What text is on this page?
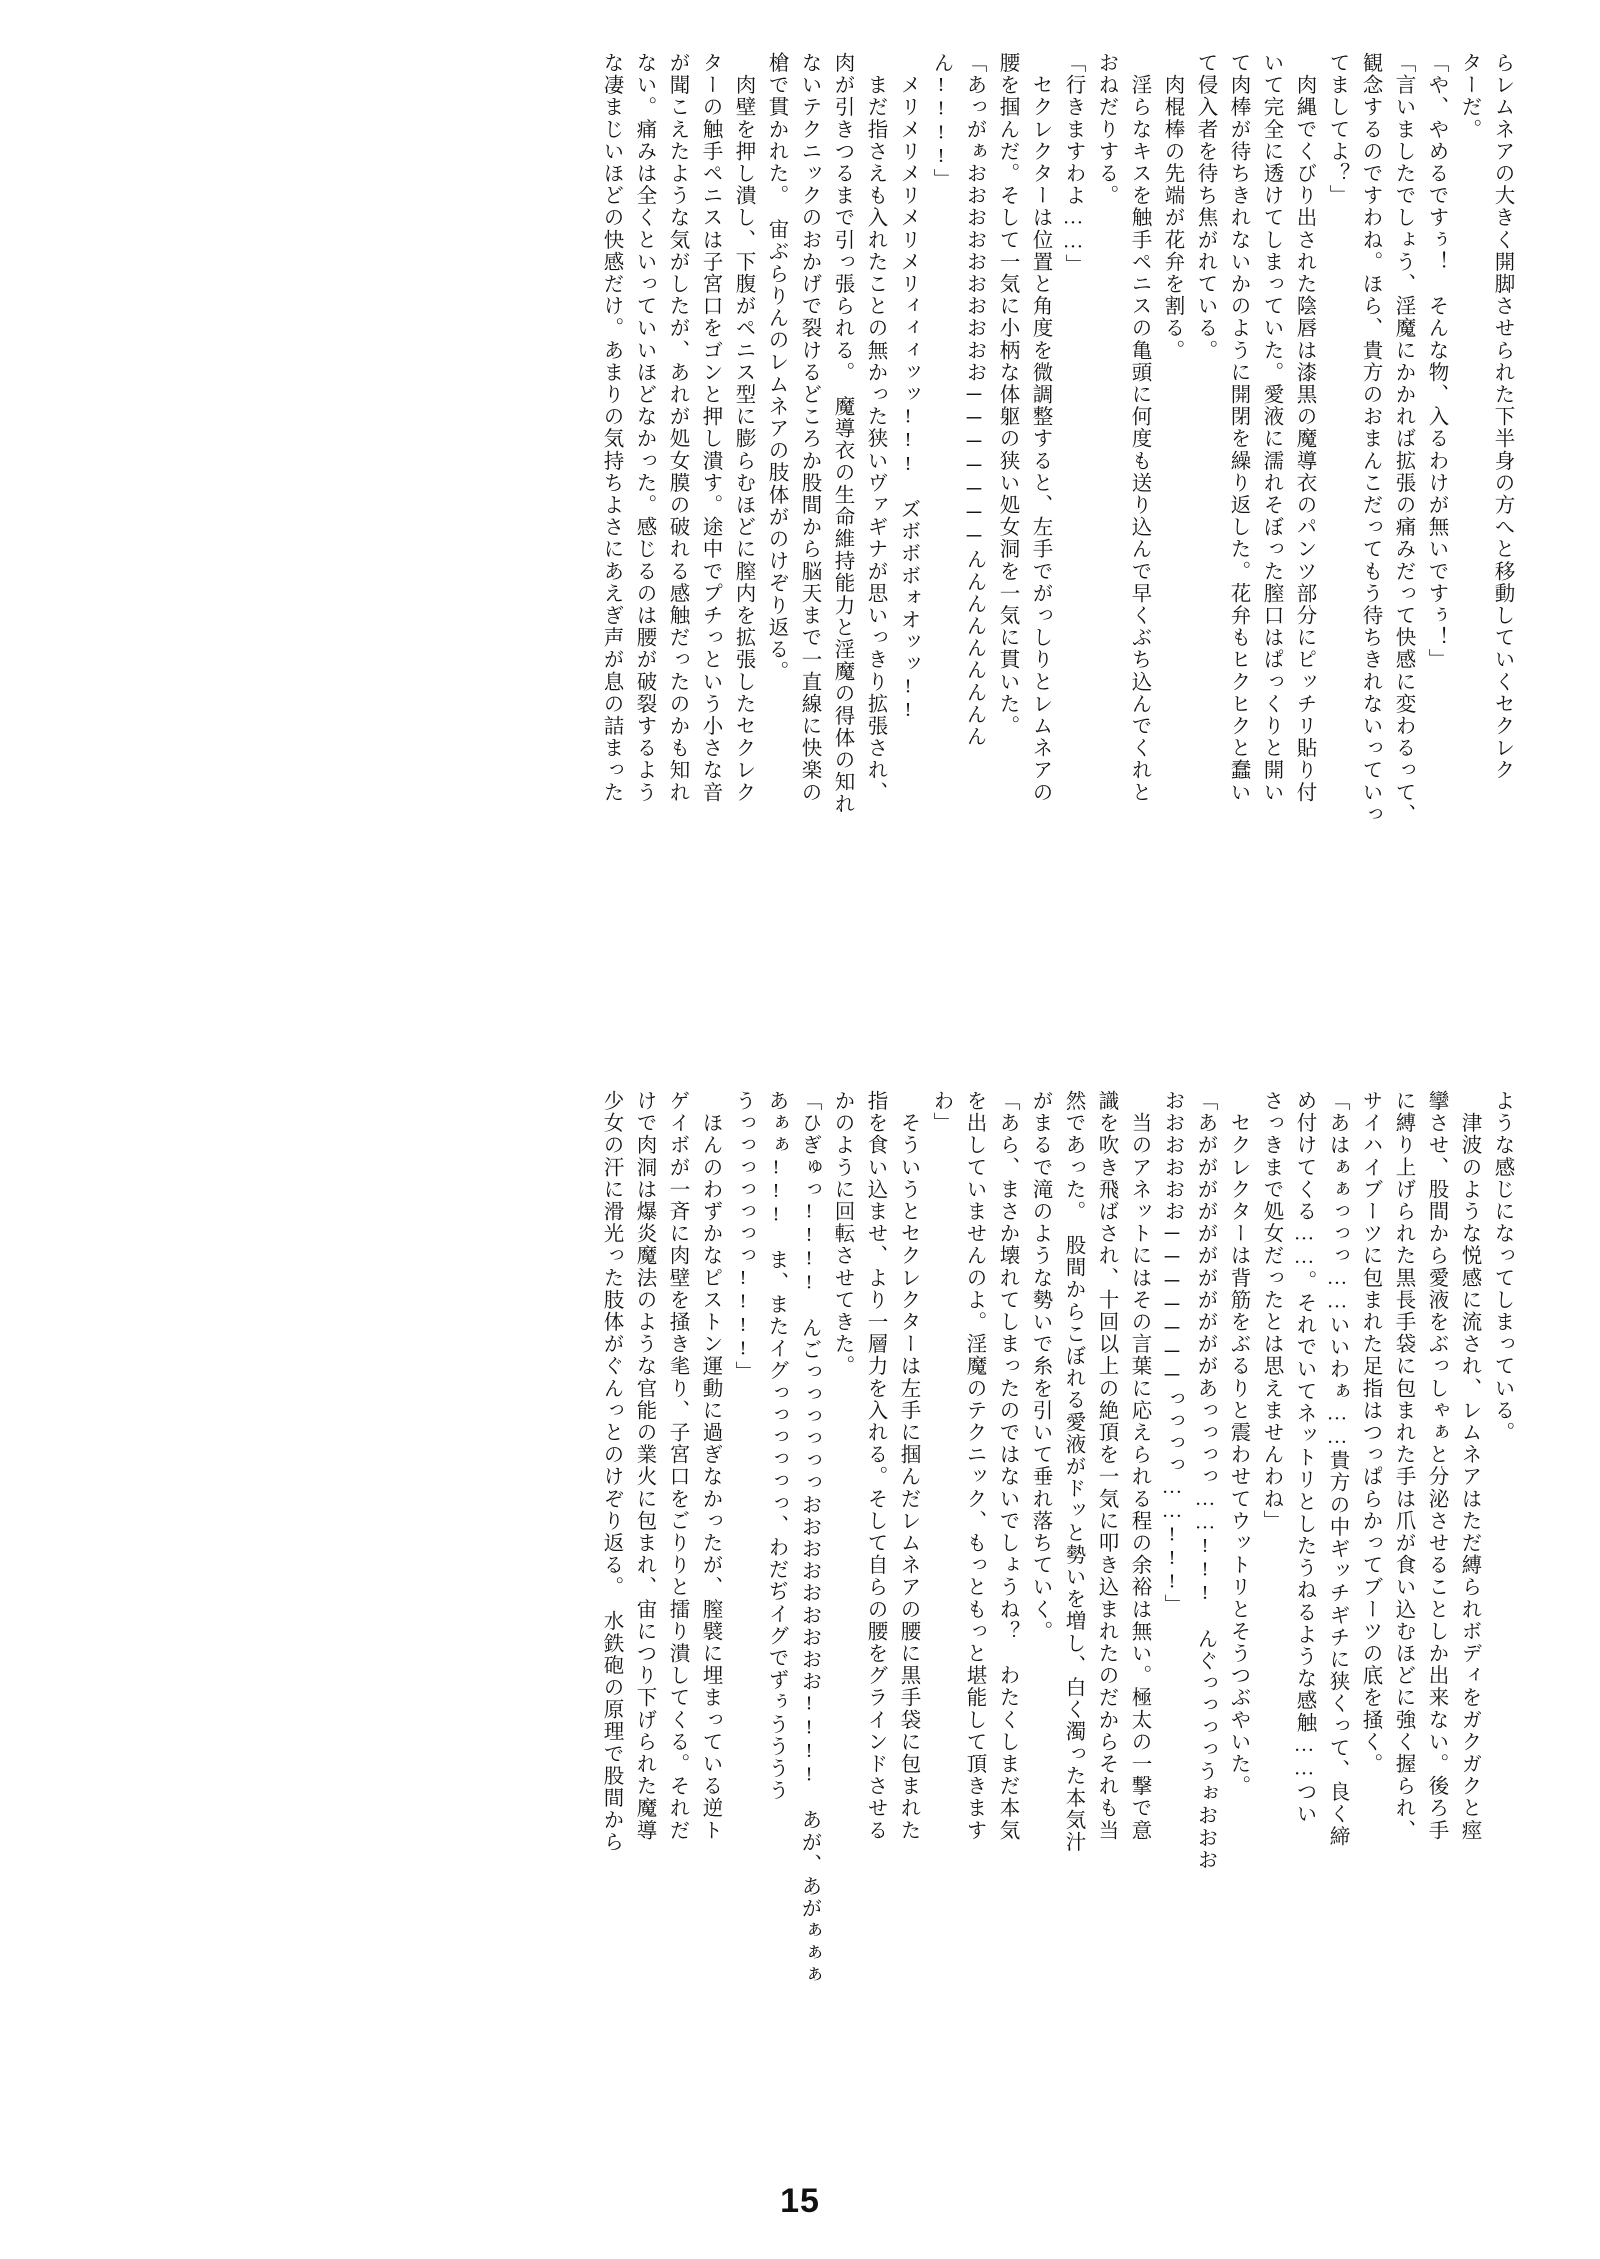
らレムネアの大きく開脚させられた下半身の方へと移動していくセクレク
ターだ。
「や、やめるですぅ！　そんな物、入るわけが無いですぅ！」
「言いましたでしょう、淫魔にかかれば拡張の痛みだって快感に変わるって、
観念するのですわね。ほら、貴方のおまんこだってもう待ちきれないっていっ
てましてよ？」
　肉縄でくびり出された陰唇は漆黒の魔導衣のパンツ部分にピッチリ貼り付
いて完全に透けてしまっていた。愛液に濡れそぼった膣口はぱっくりと開い
て肉棒が待ちきれないかのように開閉を繰り返した。花弁もヒクヒクと蠢い
て侵入者を待ち焦がれている。
　肉棍棒の先端が花弁を割る。
　淫らなキスを触手ペニスの亀頭に何度も送り込んで早くぶち込んでくれと
おねだりする。
「行きますわよ……」
　セクレクターは位置と角度を微調整すると、左手でがっしりとレムネアの
腰を掴んだ。そして一気に小柄な体躯の狭い処女洞を一気に貫いた。
「あっがぁおおおおおおおおおお───────んんんんんんんんん
ん!!!!」
　メリメリメリメリメリィィィッッ!!!　ズボボボォオッッ!!
　まだ指さえも入れたことの無かった狭いヴァギナが思いっきり拡張され、
肉が引きつるまで引っ張られる。　魔導衣の生命維持能力と淫魔の得体の知れ
ないテクニックのおかげで裂けるどころか股間から脳天まで一直線に快楽の
槍で貫かれた。　宙ぶらりんのレムネアの肢体がのけぞり返る。
　肉壁を押し潰し、下腹がペニス型に膨らむほどに膣内を拡張したセクレク
ターの触手ペニスは子宮口をゴンと押し潰す。途中でプチっという小さな音
が聞こえたような気がしたが、あれが処女膜の破れる感触だったのかも知れ
ない。痛みは全くといっていいほどなかった。感じるのは腰が破裂するよう
な凄まじいほどの快感だけ。あまりの気持ちよさにあえぎ声が息の詰まった
ような感じになってしまっている。
　津波のような悦感に流され、レムネアはただ縛られボディをガクガクと痙
攣させ、股間から愛液をぶっしゃぁと分泌させることしか出来ない。後ろ手
に縛り上げられた黒長手袋に包まれた手は爪が食い込むほどに強く握られ、
サイハイブーツに包まれた足指はつっぱらかってブーツの底を掻く。
「あはぁぁっっっ……いいわぁ……貴方の中ギッチギチに狭くって、良く締
め付けてくる……。それでいてネットリとしたうねるような感触……つい
さっきまで処女だったとは思えませんわね」
　セクレクターは背筋をぶるりと震わせてウットリとそうつぶやいた。
「あがががががががががががあっっっっ……!!!　んぐっっっっうぉおおお
おおおおおお───────っっっっ……!!!」
　当のアネットにはその言葉に応えられる程の余裕は無い。極太の一撃で意
識を吹き飛ばされ、十回以上の絶頂を一気に叩き込まれたのだからそれも当
然であった。　股間からこぼれる愛液がドッと勢いを増し、白く濁った本気汁
がまるで滝のような勢いで糸を引いて垂れ落ちていく。
「あら、まさか壊れてしまったのではないでしょうね？　わたくしまだ本気
を出していませんのよ。淫魔のテクニック、もっともっと堪能して頂きます
わ」
　そういうとセクレクターは左手に掴んだレムネアの腰に黒手袋に包まれた
指を食い込ませ、より一層力を入れる。そして自らの腰をグラインドさせる
かのように回転させてきた。
「ひぎゅっ!!!!　んごっっっっっっおおおおおおおおお!!!!　あが、あがぁぁぁ
あぁぁ!!!　ま、またイグっっっっっっ、わだぢイグでずぅうううう
うっっっっっっっ!!!!」
　ほんのわずかなピストン運動に過ぎなかったが、膣襞に埋まっている逆ト
ゲイボが一斉に肉壁を掻き毟り、子宮口をごりりと擂り潰してくる。それだ
けで肉洞は爆炎魔法のような官能の業火に包まれ、宙につり下げられた魔導
少女の汗に滑光った肢体がぐんっとのけぞり返る。　水鉄砲の原理で股間から
15
